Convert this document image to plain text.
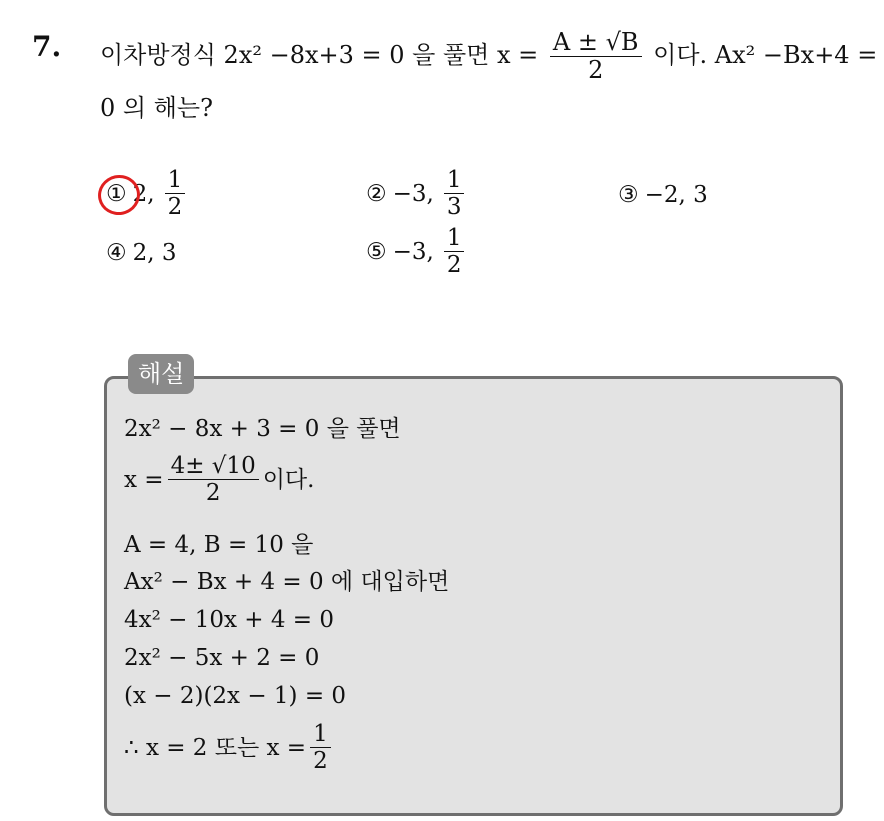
7. 이차방정식 2x² −8x+3 = 0 을 풀면 $x = \frac{A \pm √B}{2}$ 이다. Ax² −Bx+4 =
0 의 해는?
① 2, $\frac{1}{2}$	② −3, $\frac{1}{3}$	③ −2, 3
④ 2, 3	⑤ −3, $\frac{1}{2}$
해설
2x² − 8x + 3 = 0 을 풀면
$x = \frac{4\pm √10}{2}$ 이다.
A = 4, B = 10 을
Ax² − Bx + 4 = 0 에 대입하면
4x² − 10x + 4 = 0
2x² − 5x + 2 = 0
(x − 2)(2x − 1) = 0
∴ x = 2 또는 $x = \frac{1}{2}$
